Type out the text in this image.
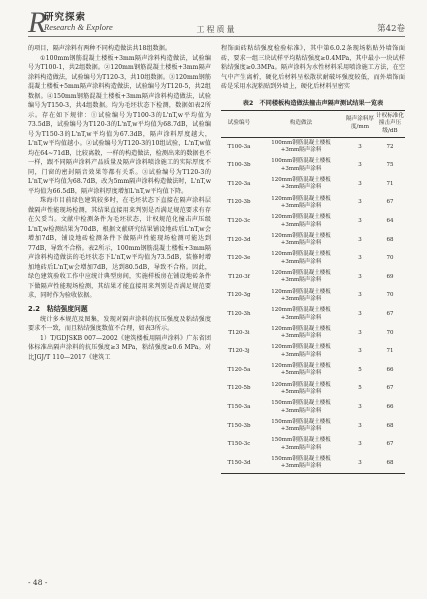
R
研究探索
Research & Explore	工程质量	第42卷

的项目，隔声涂料有两种不同构造做法共18组数据。

①100mm钢筋混凝土楼板+3mm隔声涂料构造做法，试验编号为T100-1，共2组数据。②120mm钢筋混凝土楼板+3mm隔声涂料构造做法，试验编号为T120-3，共10组数据。③120mm钢筋混凝土楼板+5mm隔声涂料构造做法，试验编号为T120-5，共2组数据。④150mm钢筋混凝土楼板+3mm隔声涂料构造做法，试验编号为T150-3，共4组数据。均为毛坯状态下检测，数据如表2所示。存在如下规律：①试验编号为T100-3的L'nT,w平均值为73.5dB，试验编号为T120-3的L'nT,w平均值为68.7dB，试验编号为T150-3的L'nT,w平均值为67.3dB，隔声涂料厚度越大，L'nT,w平均值越小。②试验编号为T120-3的10组试验，L'nT,w值均在64~71dB，比较离散，一样的构造做法，检测出来的数据也不一样，跟不同隔声涂料产品质量及隔声涂料喷涂施工的实际厚度不同，门窗的密封隔音效果等都有关系。③试验编号为T120-3的L'nT,w平均值为68.7dB，改为5mm隔声涂料构造做法时，L'nT,w平均值为66.5dB，隔声涂料厚度增加L'nT,w平均值下降。

珠海市目前绿色建筑较多时，在毛坯状态下直接在隔声涂料层做隔声性能现场检测，其结果直接用来判别是否满足规范要求有存在欠妥当。文献中检测条件为毛坯状态，计权规范化撞击声压级L'nT,w检测结果为70dB，根据文献研究结果铺设地砖后L'nT,w会增加7dB，铺设地砖检测条件下做隔声性能现场检测可能达到77dB，导致不合格。表2所示，100mm钢筋混凝土楼板+3mm隔声涂料构造做法的毛坯状态下L'nT,w平均值为73.5dB，装修时增加地砖后L'nT,w会增加7dB，达到80.5dB，导致不合格。因此，绿色建筑验收工作中应统计典型房间，实施样板房在铺设地砖条件下做隔声性能现场检测，其结果才能直接用来判别是否满足规范要求，同时作为验收依据。

2.2　粘结强度问题

统计多本规范及图集，发现对隔声涂料的抗压强度及粘结强度要求不一致，而且粘结强度数值不合理，如表3所示。

1）T/GDJSKB 007—2002《建筑楼板用隔声涂料》广东省团体标准出隔声涂料的抗压强度≥3 MPa，粘结强度≥0.6 MPa。对比JGJ/T 110—2017《建筑工

程饰面砖粘结强度检验标准》，其中第6.0.2条现场粘贴外墙饰面砖，要求一组三块试样平均粘结强度≥0.4MPa，其中最小一块试样粘结强度≥0.3MPa。隔声涂料为水性材料采用喷涂施工方法，在空气中产生离析，硬化后材料呈松散状耐破坏强度较低，而外墙饰面砖是采用水泥粘贴到外墙上，硬化后材料呈密实

表2　不同楼板构造做法撞击声隔声测试结果一览表
试验编号	构造做法	隔声涂料厚度/mm	计权标准化撞击声压级/dB
T100-3a	100mm钢筋混凝土楼板
+3mm隔声涂料	3	72
T100-3b	100mm钢筋混凝土楼板
+3mm隔声涂料	3	75
T120-3a	120mm钢筋混凝土楼板
+3mm隔声涂料	3	71
T120-3b	120mm钢筋混凝土楼板
+3mm隔声涂料	3	67
T120-3c	120mm钢筋混凝土楼板
+3mm隔声涂料	3	64
T120-3d	120mm钢筋混凝土楼板
+3mm隔声涂料	3	68
T120-3e	120mm钢筋混凝土楼板
+3mm隔声涂料	3	70
T120-3f	120mm钢筋混凝土楼板
+3mm隔声涂料	3	69
T120-3g	120mm钢筋混凝土楼板
+3mm隔声涂料	3	70
T120-3h	120mm钢筋混凝土楼板
+3mm隔声涂料	3	67
T120-3i	120mm钢筋混凝土楼板
+3mm隔声涂料	3	70
T120-3j	120mm钢筋混凝土楼板
+3mm隔声涂料	3	71
T120-5a	120mm钢筋混凝土楼板
+5mm隔声涂料	5	66
T120-5b	120mm钢筋混凝土楼板
+5mm隔声涂料	5	67
T150-3a	150mm钢筋混凝土楼板
+3mm隔声涂料	3	66
T150-3b	150mm钢筋混凝土楼板
+3mm隔声涂料	3	68
T150-3c	150mm钢筋混凝土楼板
+3mm隔声涂料	3	67
T150-3d	150mm钢筋混凝土楼板
+3mm隔声涂料	3	68
- 48 -
